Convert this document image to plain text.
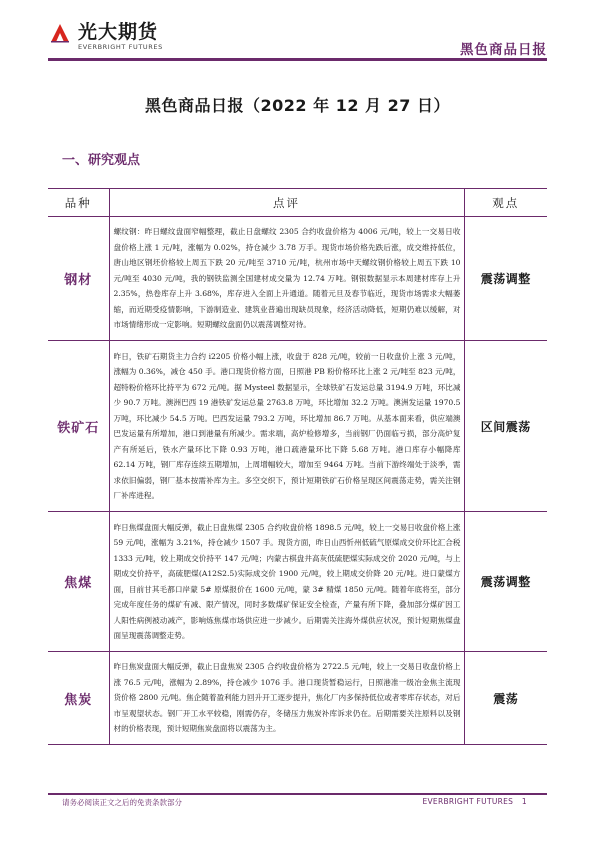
光大期货
EVERBRIGHT FUTURES	黑色商品日报
黑色商品日报（2022 年 12 月 27 日）
一、研究观点
品种	点评	观点
钢材	螺纹钢：昨日螺纹盘面窄幅整理，截止日盘螺纹 2305 合约收盘价格为 4006 元/吨，较上一交易日收盘价格上涨 1 元/吨，涨幅为 0.02%，持仓减少 3.78 万手。现货市场价格先跌后涨，成交维持低位，唐山地区钢坯价格较上周五下跌 20 元/吨至 3710 元/吨，杭州市场中天螺纹钢价格较上周五下跌 10 元/吨至 4030 元/吨，我的钢铁监测全国建材成交量为 12.74 万吨。钢银数据显示本周建材库存上升 2.35%，热卷库存上升 3.68%，库存进入全面上升通道。随着元旦及春节临近，现货市场需求大幅萎缩，而近期受疫情影响，下游制造业、建筑业普遍出现缺员现象，经济活动降低，短期仍难以缓解，对市场情绪形成一定影响。短期螺纹盘面仍以震荡调整对待。	震荡调整
铁矿石	昨日，铁矿石期货主力合约 i2205 价格小幅上涨，收盘于 828 元/吨，较前一日收盘价上涨 3 元/吨，涨幅为 0.36%，减仓 450 手。港口现货价格方面，日照港 PB 粉价格环比上涨 2 元/吨至 823 元/吨，超特粉价格环比持平为 672 元/吨。据 Mysteel 数据显示，全球铁矿石发运总量 3194.9 万吨，环比减少 90.7 万吨。澳洲巴西 19 港铁矿发运总量 2763.8 万吨，环比增加 32.2 万吨。澳洲发运量 1970.5 万吨，环比减少 54.5 万吨。巴西发运量 793.2 万吨，环比增加 86.7 万吨。从基本面来看，供应端澳巴发运量有所增加，港口到港量有所减少。需求端，高炉检修增多，当前钢厂仍面临亏损，部分高炉复产有所延后，铁水产量环比下降 0.93 万吨，港口疏港量环比下降 5.68 万吨。港口库存小幅降库 62.14 万吨，钢厂库存连续五期增加，上周增幅较大，增加至 9464 万吨。当前下游终端处于淡季，需求依旧偏弱，钢厂基本按需补库为主。多空交织下，预计短期铁矿石价格呈现区间震荡走势，需关注钢厂补库进程。	区间震荡
焦煤	昨日焦煤盘面大幅反弹，截止日盘焦煤 2305 合约收盘价格 1898.5 元/吨，较上一交易日收盘价格上涨 59 元/吨，涨幅为 3.21%，持仓减少 1507 手。现货方面，昨日山西忻州低硫气原煤成交价环比汇合税 1333 元/吨，较上期成交价持平 147 元/吨；内蒙古棋盘井高灰低硫肥煤实际成交价 2020 元/吨，与上期成交价持平，高硫肥煤(A12S2.5)实际成交价 1900 元/吨，较上期成交价降 20 元/吨。进口蒙煤方面，目前甘其毛都口岸蒙 5# 原煤报价在 1600 元/吨，蒙 3# 精煤 1850 元/吨。随着年底将至，部分完成年度任务的煤矿有减、限产情况，同时多数煤矿保证安全检查，产量有所下降，叠加部分煤矿因工人阳性病例被动减产，影响炼焦煤市场供应进一步减少。后期需关注海外煤供应状况，预计短期焦煤盘面呈现震荡调整走势。	震荡调整
焦炭	昨日焦炭盘面大幅反弹，截止日盘焦炭 2305 合约收盘价格为 2722.5 元/吨，较上一交易日收盘价格上涨 76.5 元/吨，涨幅为 2.89%，持仓减少 1076 手。港口现货暂稳运行，日照港准一级冶金焦主流现货价格 2800 元/吨。焦企随着盈利能力回升开工逐步提升，焦化厂内多保持低位或者零库存状态，对后市呈观望状态。钢厂开工水平较稳，刚需仍存，冬储压力焦炭补库诉求仍在。后期需要关注原料以及钢材的价格表现，预计短期焦炭盘面将以震荡为主。	震荡
请务必阅读正文之后的免责条款部分	EVERBRIGHT FUTURES 1
